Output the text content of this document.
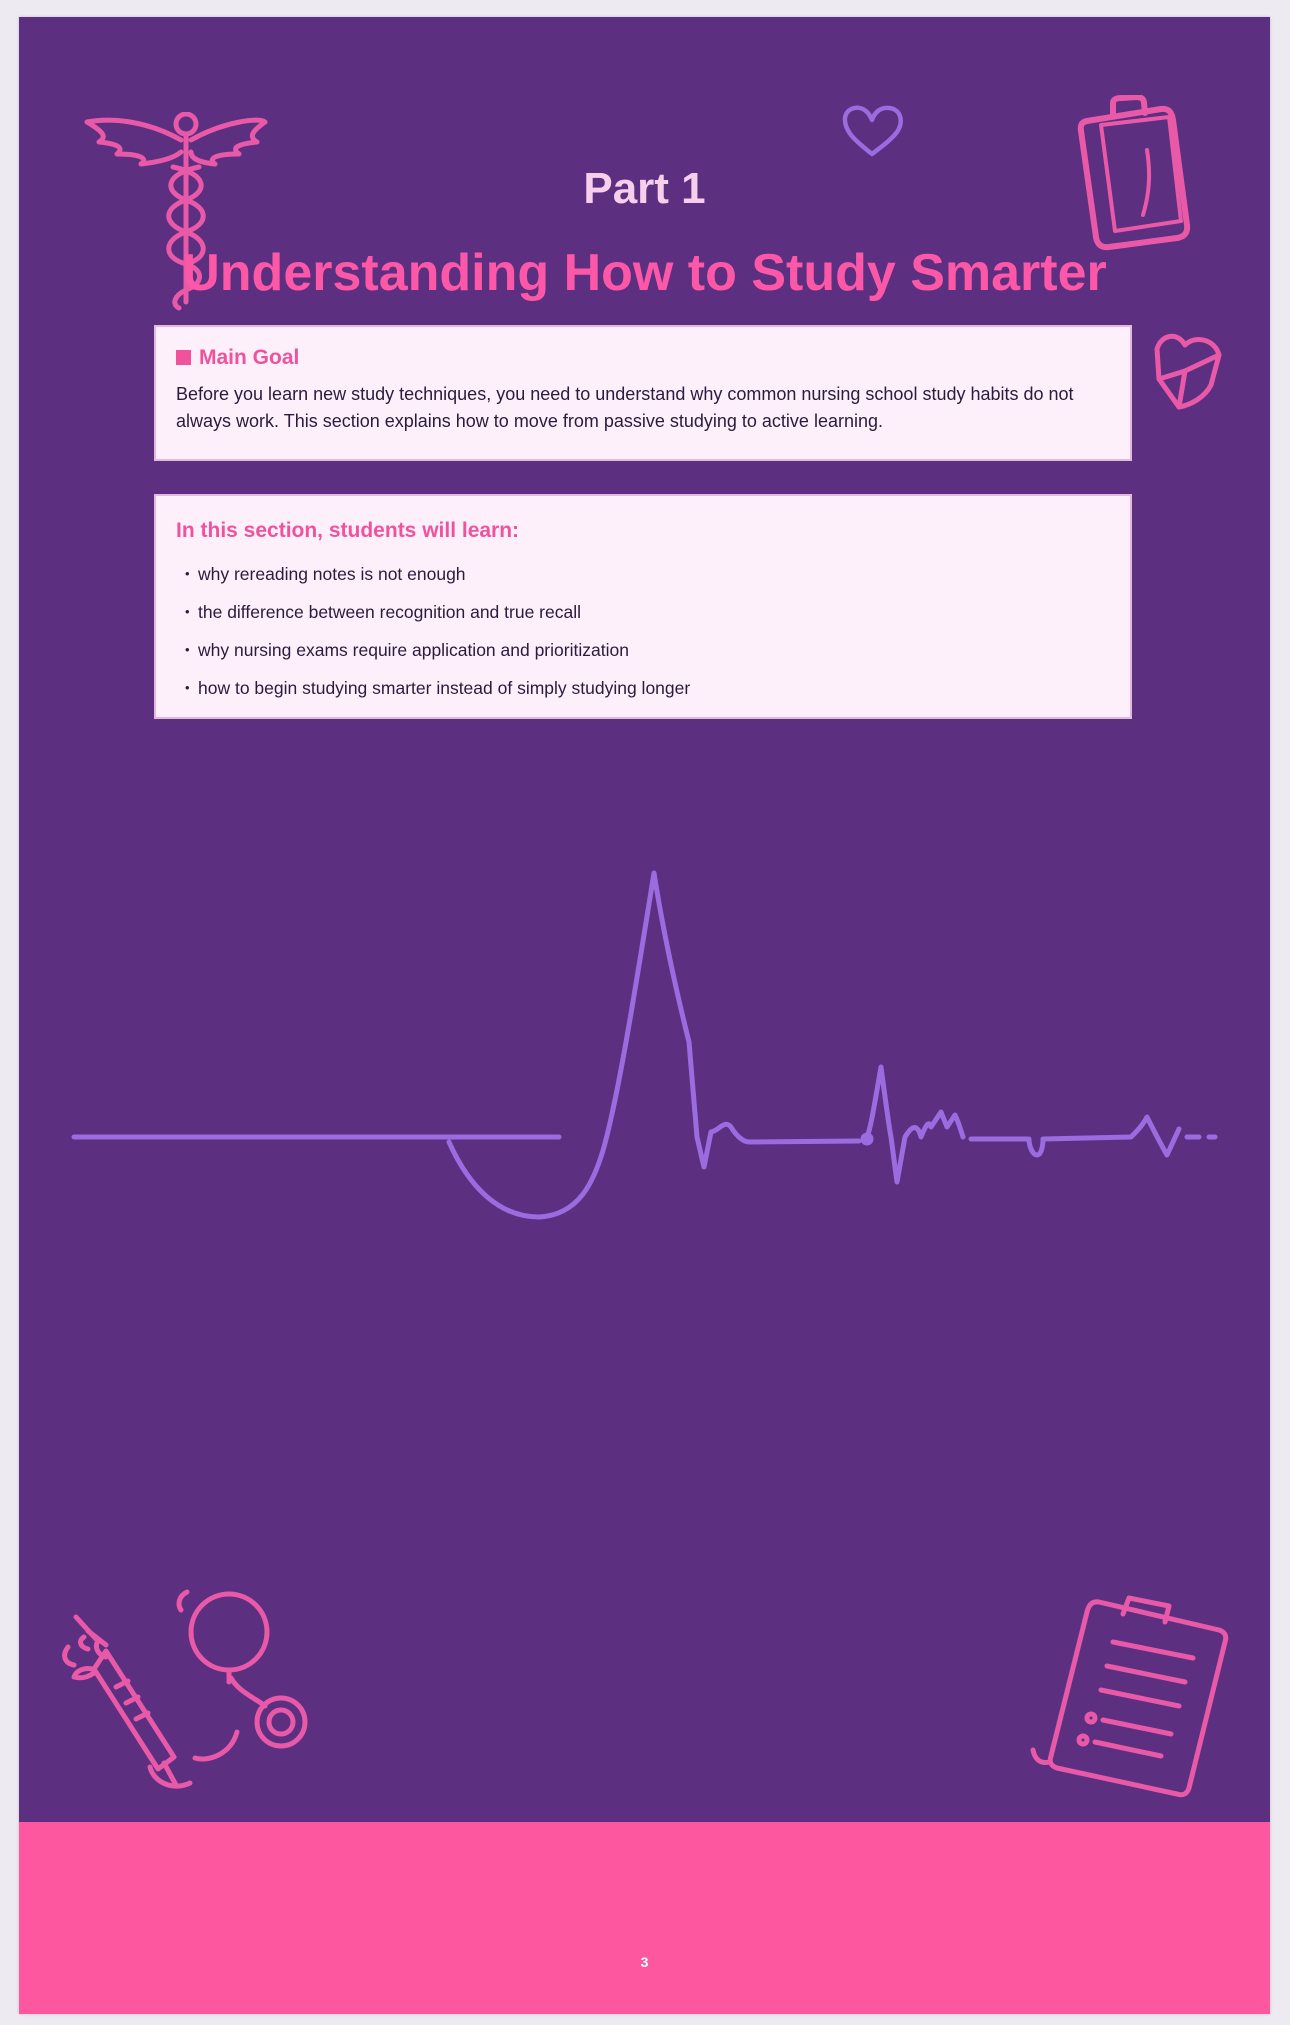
Part 1
Understanding How to Study Smarter
Main Goal
Before you learn new study techniques, you need to understand why common nursing school study habits do not always work. This section explains how to move from passive studying to active learning.
In this section, students will learn:
• why rereading notes is not enough
• the difference between recognition and true recall
• why nursing exams require application and prioritization
• how to begin studying smarter instead of simply studying longer
3
